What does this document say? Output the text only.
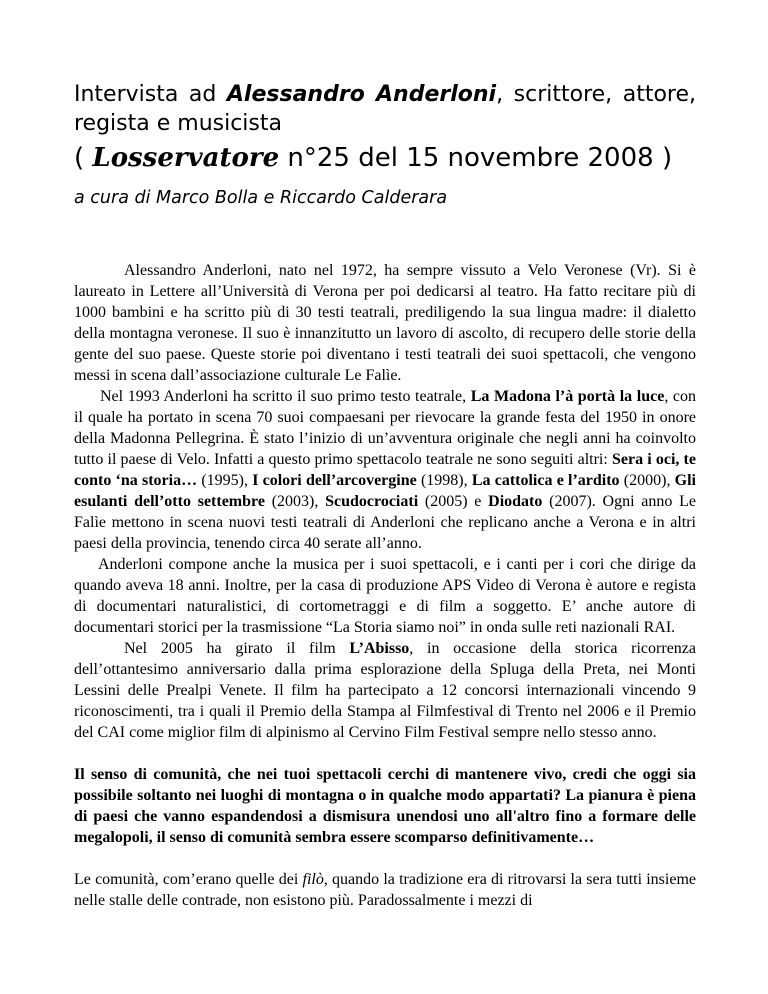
Intervista ad Alessandro Anderloni, scrittore, attore, regista e musicista
( Losservatore n°25 del 15 novembre 2008 )

a cura di Marco Bolla e Riccardo Calderara

Alessandro Anderloni, nato nel 1972, ha sempre vissuto a Velo Veronese (Vr). Si è laureato in Lettere all’Università di Verona per poi dedicarsi al teatro. Ha fatto recitare più di 1000 bambini e ha scritto più di 30 testi teatrali, prediligendo la sua lingua madre: il dialetto della montagna veronese. Il suo è innanzitutto un lavoro di ascolto, di recupero delle storie della gente del suo paese. Queste storie poi diventano i testi teatrali dei suoi spettacoli, che vengono messi in scena dall’associazione culturale Le Falìe.

Nel 1993 Anderloni ha scritto il suo primo testo teatrale, La Madona l’à portà la luce, con il quale ha portato in scena 70 suoi compaesani per rievocare la grande festa del 1950 in onore della Madonna Pellegrina. È stato l’inizio di un’avventura originale che negli anni ha coinvolto tutto il paese di Velo. Infatti a questo primo spettacolo teatrale ne sono seguiti altri: Sera i oci, te conto ‘na storia… (1995), I colori dell’arcovergine (1998), La cattolica e l’ardito (2000), Gli esulanti dell’otto settembre (2003), Scudocrociati (2005) e Diodato (2007). Ogni anno Le Falìe mettono in scena nuovi testi teatrali di Anderloni che replicano anche a Verona e in altri paesi della provincia, tenendo circa 40 serate all’anno.

Anderloni compone anche la musica per i suoi spettacoli, e i canti per i cori che dirige da quando aveva 18 anni. Inoltre, per la casa di produzione APS Video di Verona è autore e regista di documentari naturalistici, di cortometraggi e di film a soggetto. E’ anche autore di documentari storici per la trasmissione “La Storia siamo noi” in onda sulle reti nazionali RAI.

Nel 2005 ha girato il film L’Abisso, in occasione della storica ricorrenza dell’ottantesimo anniversario dalla prima esplorazione della Spluga della Preta, nei Monti Lessini delle Prealpi Venete. Il film ha partecipato a 12 concorsi internazionali vincendo 9 riconoscimenti, tra i quali il Premio della Stampa al Filmfestival di Trento nel 2006 e il Premio del CAI come miglior film di alpinismo al Cervino Film Festival sempre nello stesso anno.

Il senso di comunità, che nei tuoi spettacoli cerchi di mantenere vivo, credi che oggi sia possibile soltanto nei luoghi di montagna o in qualche modo appartati? La pianura è piena di paesi che vanno espandendosi a dismisura unendosi uno all'altro fino a formare delle megalopoli, il senso di comunità sembra essere scomparso definitivamente…

Le comunità, com’erano quelle dei filò, quando la tradizione era di ritrovarsi la sera tutti insieme nelle stalle delle contrade, non esistono più. Paradossalmente i mezzi di
